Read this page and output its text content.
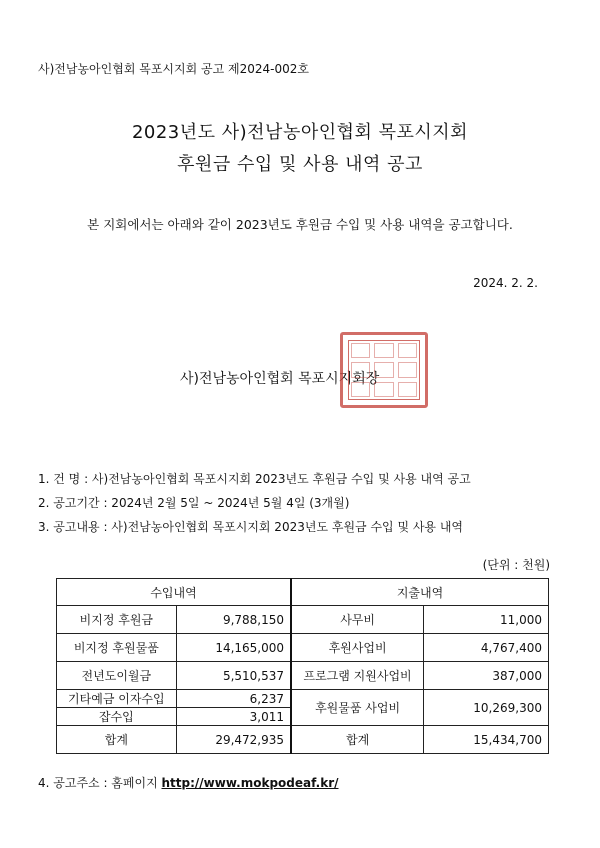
사)전남농아인협회 목포시지회 공고 제2024-002호
2023년도 사)전남농아인협회 목포시지회
후원금 수입 및 사용 내역 공고
본 지회에서는 아래와 같이 2023년도 후원금 수입 및 사용 내역을 공고합니다.
2024. 2. 2.
사)전남농아인협회 목포시지회장
1. 건 명 : 사)전남농아인협회 목포시지회 2023년도 후원금 수입 및 사용 내역 공고
2. 공고기간 : 2024년 2월 5일 ~ 2024년 5월 4일 (3개월)
3. 공고내용 : 사)전남농아인협회 목포시지회 2023년도 후원금 수입 및 사용 내역
(단위 : 천원)
수입내역		지출내역	
비지정 후원금	9,788,150	사무비	11,000
비지정 후원물품	14,165,000	후원사업비	4,767,400
전년도이월금	5,510,537	프로그램 지원사업비	387,000
기타예금 이자수입	6,237	후원물품 사업비	10,269,300
잡수입	3,011		
합계	29,472,935	합계	15,434,700
4. 공고주소 : 홈페이지 http://www.mokpodeaf.kr/
